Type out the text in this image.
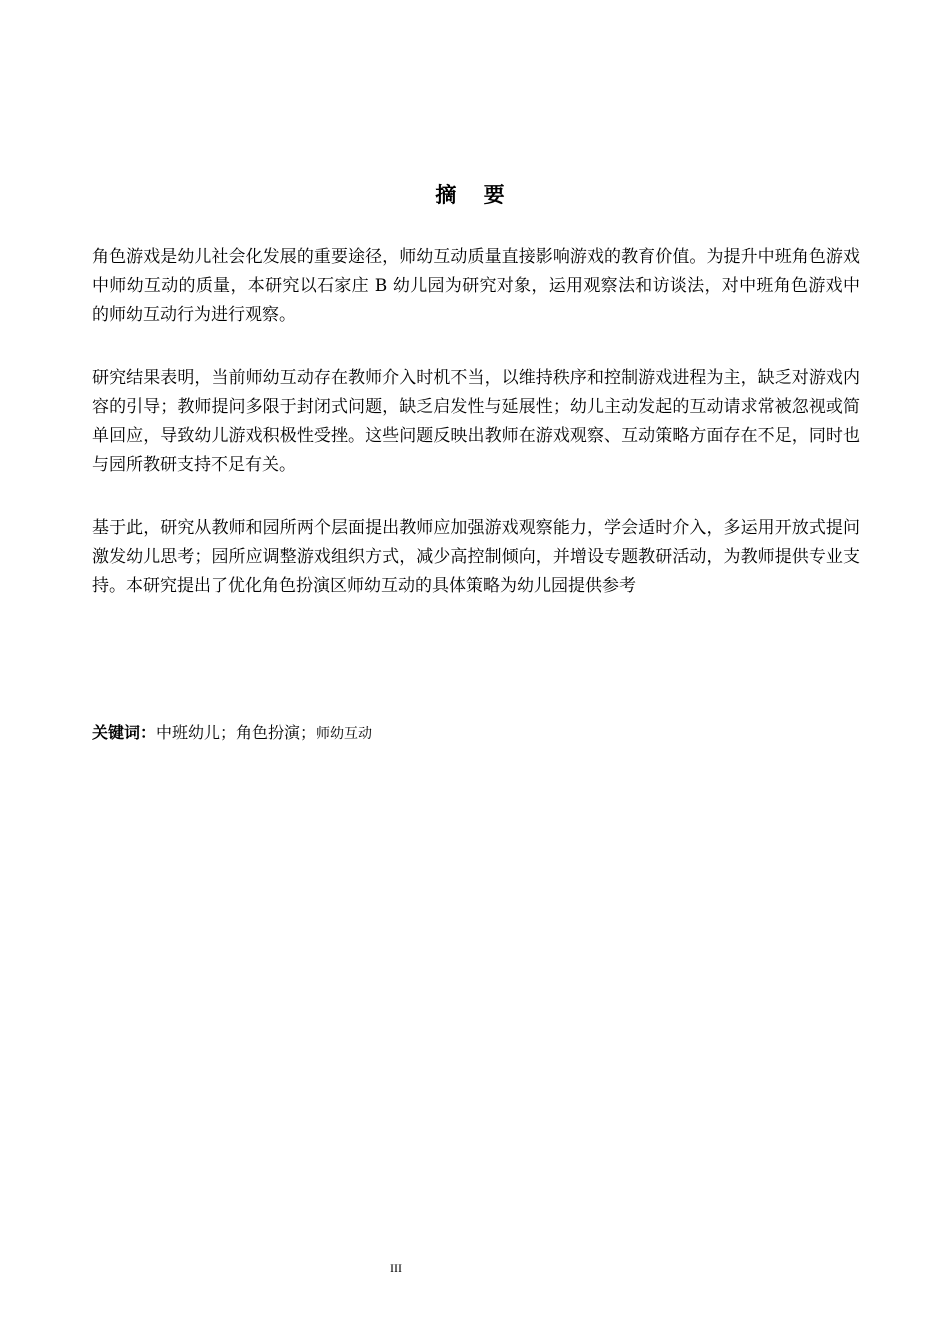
摘 要

角色游戏是幼儿社会化发展的重要途径，师幼互动质量直接影响游戏的教育价值。为提升中班角色游戏中师幼互动的质量，本研究以石家庄 B 幼儿园为研究对象，运用观察法和访谈法，对中班角色游戏中的师幼互动行为进行观察。

研究结果表明，当前师幼互动存在教师介入时机不当，以维持秩序和控制游戏进程为主，缺乏对游戏内容的引导；教师提问多限于封闭式问题，缺乏启发性与延展性；幼儿主动发起的互动请求常被忽视或简单回应，导致幼儿游戏积极性受挫。这些问题反映出教师在游戏观察、互动策略方面存在不足，同时也与园所教研支持不足有关。

基于此，研究从教师和园所两个层面提出教师应加强游戏观察能力，学会适时介入，多运用开放式提问激发幼儿思考；园所应调整游戏组织方式，减少高控制倾向，并增设专题教研活动，为教师提供专业支持。本研究提出了优化角色扮演区师幼互动的具体策略为幼儿园提供参考

关键词：中班幼儿；角色扮演；师幼互动
III
